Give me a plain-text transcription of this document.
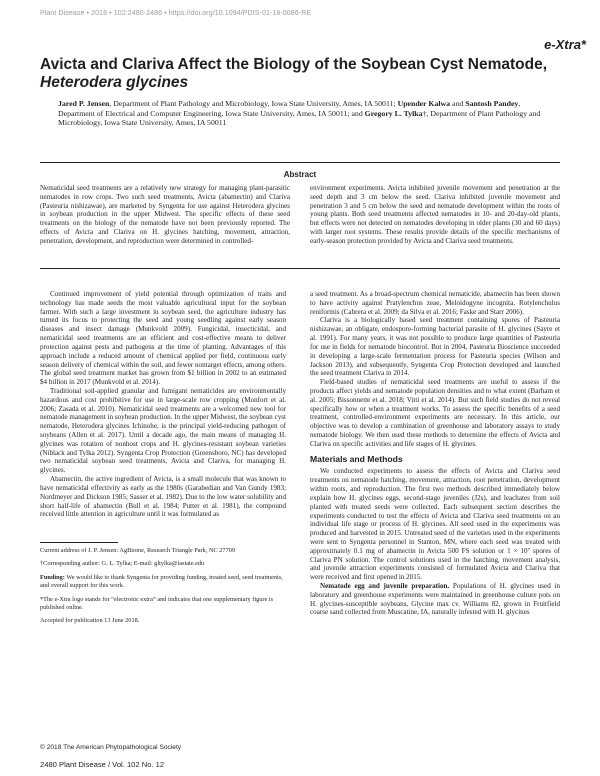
Plant Disease • 2018 • 102:2480-2486 • https://doi.org/10.1094/PDIS-01-18-0086-RE
e-Xtra*
Avicta and Clariva Affect the Biology of the Soybean Cyst Nematode,
Heterodera glycines
Jared P. Jensen, Department of Plant Pathology and Microbiology, Iowa State University, Ames, IA 50011; Upender Kalwa and Santosh Pandey, Department of Electrical and Computer Engineering, Iowa State University, Ames, IA 50011; and Gregory L. Tylka†, Department of Plant Pathology and Microbiology, Iowa State University, Ames, IA 50011
Abstract

Nematicidal seed treatments are a relatively new strategy for managing plant-parasitic nematodes in row crops. Two such seed treatments, Avicta (abamectin) and Clariva (Pasteuria nishizawae), are marketed by Syngenta for use against Heterodera glycines in soybean production in the upper Midwest. The specific effects of these seed treatments on the biology of the nematode have not been previously reported. The effects of Avicta and Clariva on H. glycines hatching, movement, attraction, penetration, development, and reproduction were determined in controlled-

environment experiments. Avicta inhibited juvenile movement and penetration at the seed depth and 3 cm below the seed. Clariva inhibited juvenile movement and penetration 3 and 5 cm below the seed and nematode development within the roots of young plants. Both seed treatments affected nematodes in 10- and 20-day-old plants, but effects were not detected on nematodes developing in older plants (30 and 60 days) with larger root systems. These results provide details of the specific mechanisms of early-season protection provided by Avicta and Clariva seed treatments.

Continued improvement of yield potential through optimization of traits and technology has made seeds the most valuable agricultural input for the soybean farmer. With such a large investment in soybean seed, the agriculture industry has turned its focus to protecting the seed and young seedling against early season diseases and insect damage (Munkvold 2009). Fungicidal, insecticidal, and nematicidal seed treatments are an efficient and cost-effective means to deliver protection against pests and pathogens at the time of planting. Advantages of this approach include a reduced amount of chemical applied per field, continuous early season delivery of chemical within the soil, and fewer nontarget effects, among others. The global seed treatment market has grown from $1 billion in 2002 to an estimated $4 billion in 2017 (Munkvold et al. 2014).

Traditional soil-applied granular and fumigant nematicides are environmentally hazardous and cost prohibitive for use in large-scale row cropping (Monfort et al. 2006; Zasada et al. 2010). Nematicidal seed treatments are a welcomed new tool for nematode management in soybean production. In the upper Midwest, the soybean cyst nematode, Heterodera glycines Ichinohe, is the principal yield-reducing pathogen of soybeans (Allen et al. 2017). Until a decade ago, the main means of managing H. glycines was rotation of nonhost crops and H. glycines-resistant soybean varieties (Niblack and Tylka 2012). Syngenta Crop Protection (Greensboro, NC) has developed two nematicidal soybean seed treatments, Avicta and Clariva, for managing H. glycines.

Abamectin, the active ingredient of Avicta, is a small molecule that was known to have nematicidal effectivity as early as the 1980s (Garabedian and Van Gundy 1983; Nordmeyer and Dickson 1985; Sasser et al. 1982). Due to the low water solubility and short half-life of abamectin (Bull et al. 1984; Putter et al. 1981), the compound received little attention in agriculture until it was formulated as

Current address of J. P. Jensen: AgBiome, Research Triangle Park, NC 27709

†Corresponding author: G. L. Tylka; E-mail: gltylka@iastate.edu

Funding: We would like to thank Syngenta for providing funding, treated seed, seed treatments, and overall support for this work.

*The e-Xtra logo stands for “electronic extra” and indicates that one supplementary figure is published online.

Accepted for publication 13 June 2018.

a seed treatment. As a broad-spectrum chemical nematicide, abamectin has been shown to have activity against Pratylenchus zeae, Meloidogyne incognita, Rotylenchulus reniformis (Cabrera et al. 2009; da Silva et al. 2016; Faske and Starr 2006).

Clariva is a biologically based seed treatment containing spores of Pasteuria nishizawae, an obligate, endospore-forming bacterial parasite of H. glycines (Sayre et al. 1991). For many years, it was not possible to produce large quantities of Pasteuria for use in fields for nematode biocontrol. But in 2004, Pasteuria Bioscience succeeded in developing a large-scale fermentation process for Pasteuria species (Wilson and Jackson 2013), and subsequently, Syngenta Crop Protection developed and launched the seed treatment Clariva in 2014.

Field-based studies of nematicidal seed treatments are useful to assess if the products affect yields and nematode population densities and to what extent (Barham et al. 2005; Bissonnette et al. 2018; Vitti et al. 2014). But such field studies do not reveal specifically how or when a treatment works. To assess the specific benefits of a seed treatment, controlled-environment experiments are necessary. In this article, our objective was to develop a combination of greenhouse and laboratory assays to study nematode biology. We then used these methods to determine the effects of Avicta and Clariva on specific activities and life stages of H. glycines.

Materials and Methods

We conducted experiments to assess the effects of Avicta and Clariva seed treatments on nematode hatching, movement, attraction, root penetration, development within roots, and reproduction. The first two methods described immediately below explain how H. glycines eggs, second-stage juveniles (J2s), and leachates from soil planted with treated seeds were collected. Each subsequent section describes the experiments conducted to test the effects of Avicta and Clariva seed treatments on an individual life stage or process of H. glycines. All seed used in the experiments was produced and harvested in 2015. Untreated seed of the varieties used in the experiments were sent to Syngenta personnel in Stanton, MN, where each seed was treated with approximately 0.1 mg of abamectin in Avicta 500 FS solution or 1 × 10⁷ spores of Clariva PN solution. The control solutions used in the hatching, movement analysis, and juvenile attraction experiments consisted of formulated Avicta and Clariva that were received and first opened in 2015.

Nematode egg and juvenile preparation. Populations of H. glycines used in laboratory and greenhouse experiments were maintained in greenhouse culture pots on H. glycines-susceptible soybeans, Glycine max cv. Williams 82, grown in Fruitfield coarse sand collected from Muscatine, IA, naturally infested with H. glycines

© 2018 The American Phytopathological Society
2480 Plant Disease / Vol. 102 No. 12
